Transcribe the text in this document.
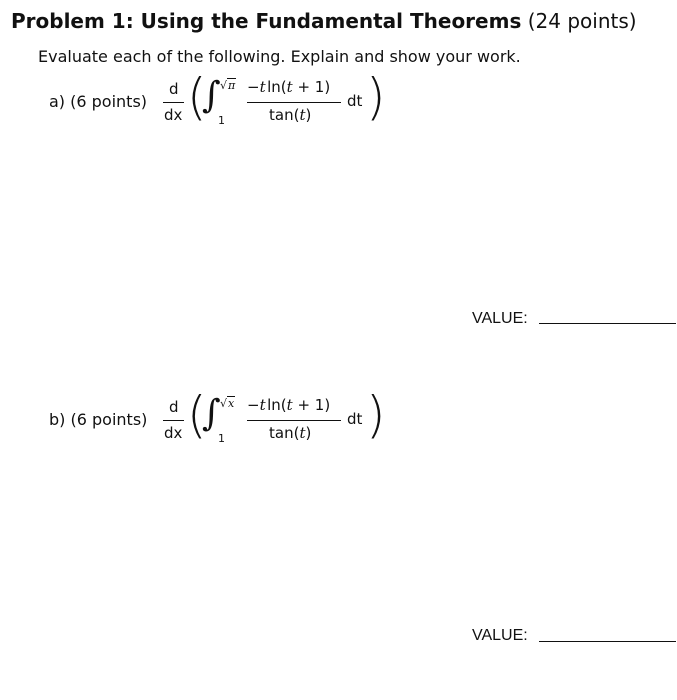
Problem 1: Using the Fundamental Theorems (24 points)
Evaluate each of the following. Explain and show your work.
a) (6 points)
d
dx (
∫
1
√π −t  ln(t + 1)
tan(t)
dt )
VALUE:
b) (6 points)
d
dx (
∫
1
√x −t  ln(t + 1)
tan(t)
dt )
VALUE:
